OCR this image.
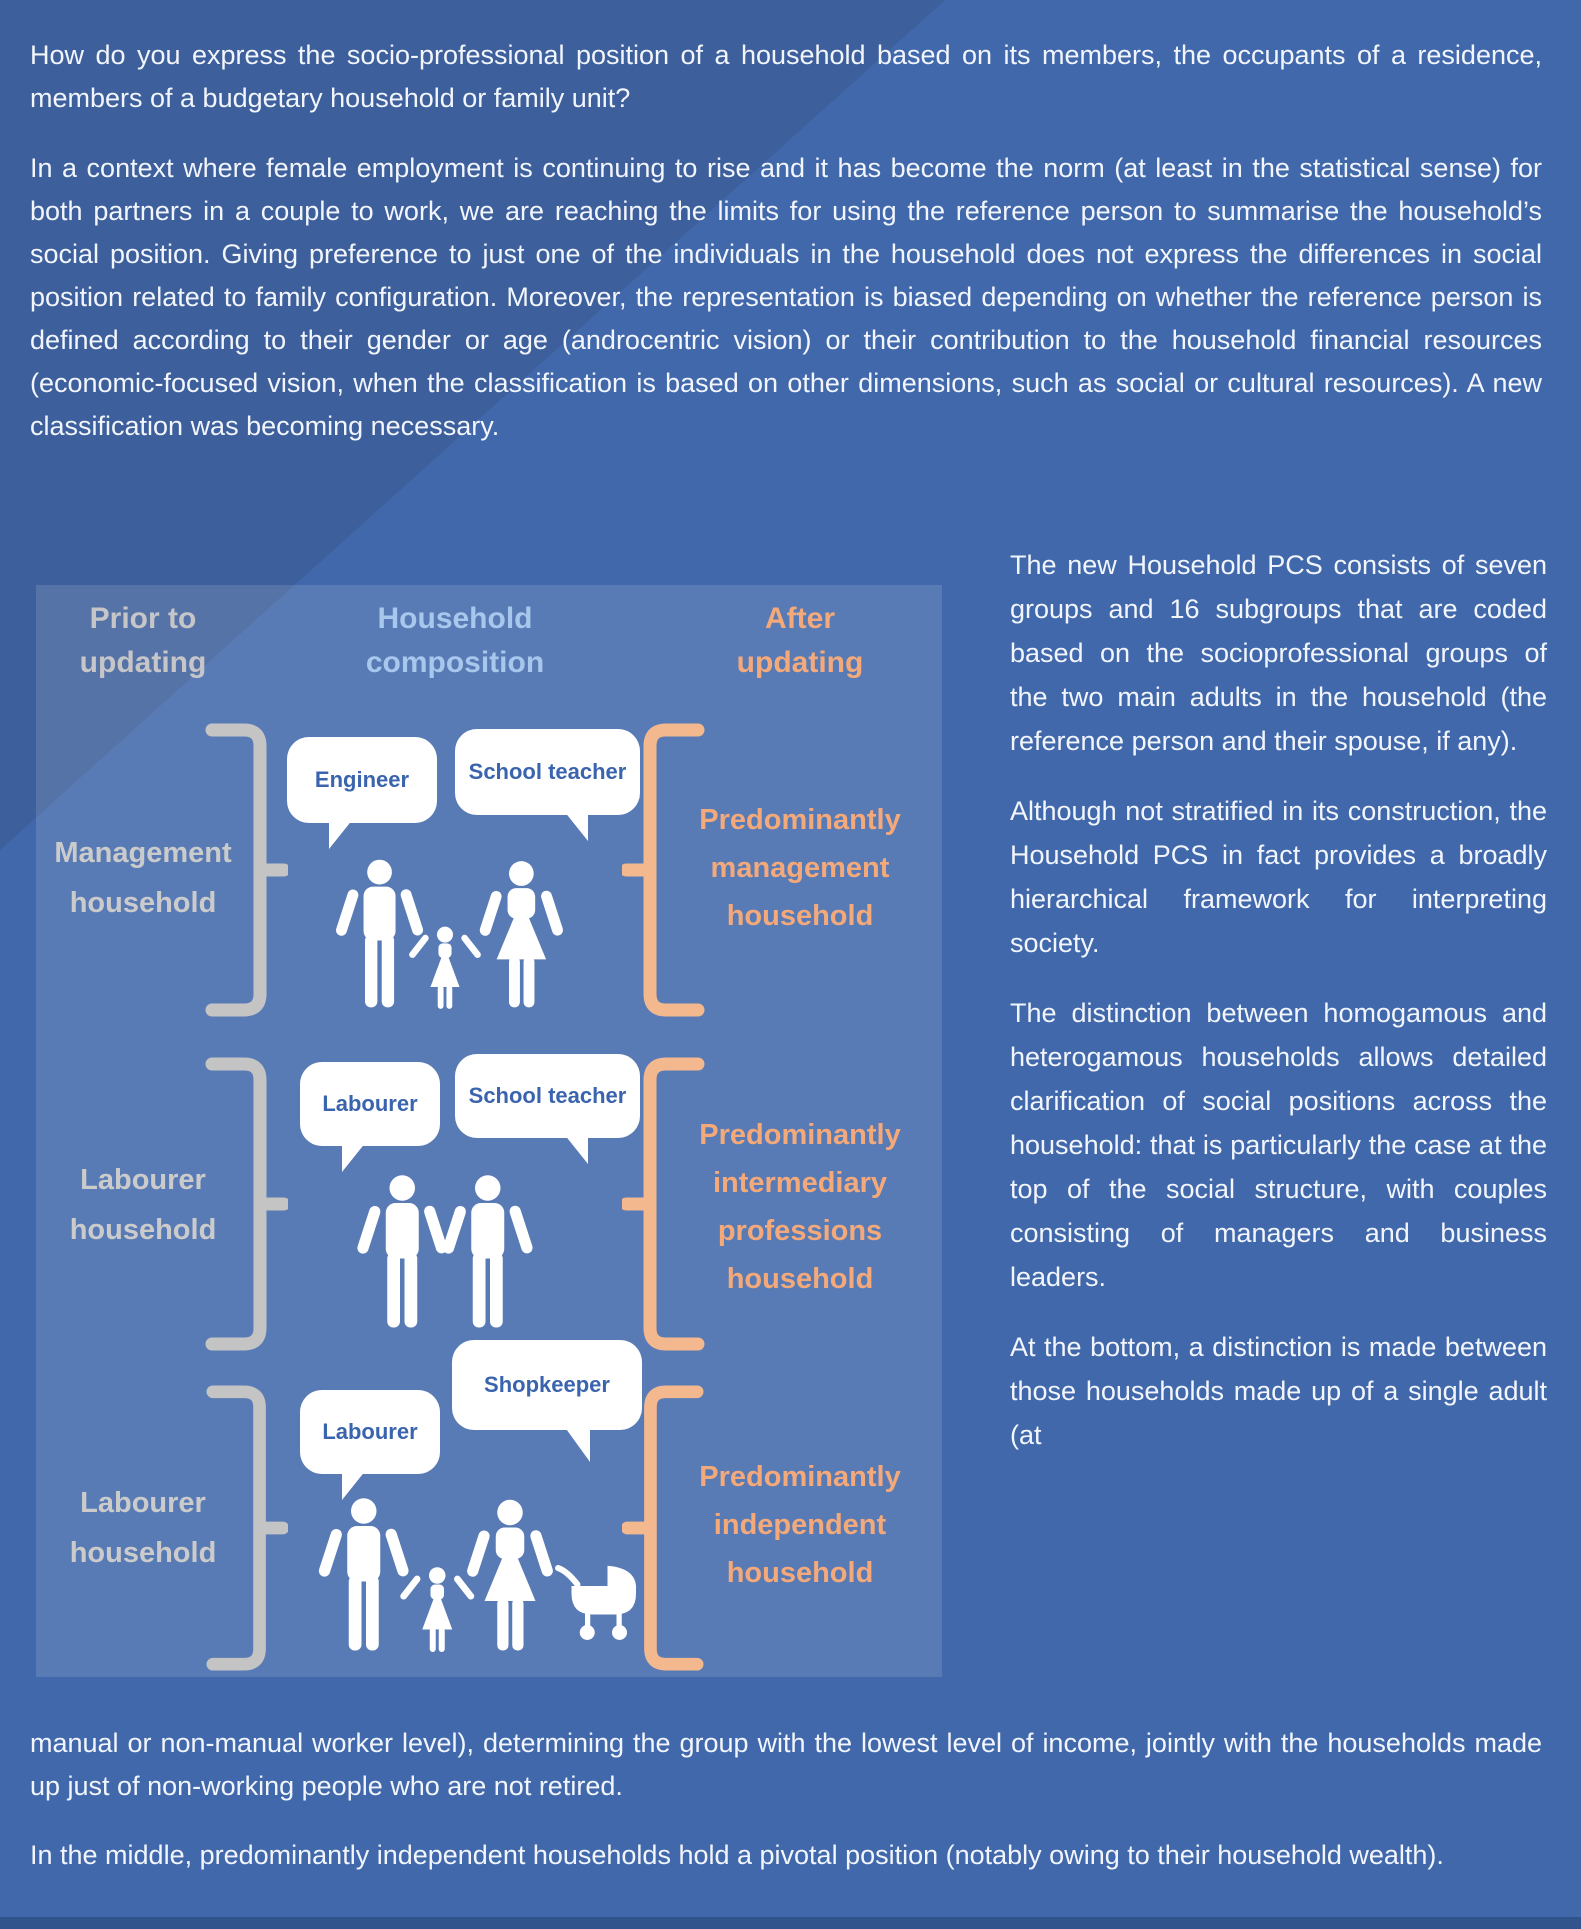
How do you express the socio-professional position of a household based on its members, the occupants of a residence, members of a budgetary household or family unit?

In a context where female employment is continuing to rise and it has become the norm (at least in the statistical sense) for both partners in a couple to work, we are reaching the limits for using the reference person to summarise the household’s social position. Giving preference to just one of the individuals in the household does not express the differences in social position related to family configuration. Moreover, the representation is biased depending on whether the reference person is defined according to their gender or age (androcentric vision) or their contribution to the household financial resources (economic-focused vision, when the classification is based on other dimensions, such as social or cultural resources). A new classification was becoming necessary.

Prior to updating
Household composition
After updating
Management household
Engineer	School teacher
Predominantly management household
Labourer household
Labourer School teacher
Predominantly intermediary professions household
Labourer household
Labourer
Shopkeeper
Predominantly independent household

The new Household PCS consists of seven groups and 16 subgroups that are coded based on the socioprofessional groups of the two main adults in the household (the reference person and their spouse, if any).

Although not stratified in its construction, the Household PCS in fact provides a broadly hierarchical framework for interpreting society.

The distinction between homogamous and heterogamous households allows detailed clarification of social positions across the household: that is particularly the case at the top of the social structure, with couples consisting of managers and business leaders.

At the bottom, a distinction is made between those households made up of a single adult (at

manual or non-manual worker level), determining the group with the lowest level of income, jointly with the households made up just of non-working people who are not retired.

In the middle, predominantly independent households hold a pivotal position (notably owing to their household wealth).
